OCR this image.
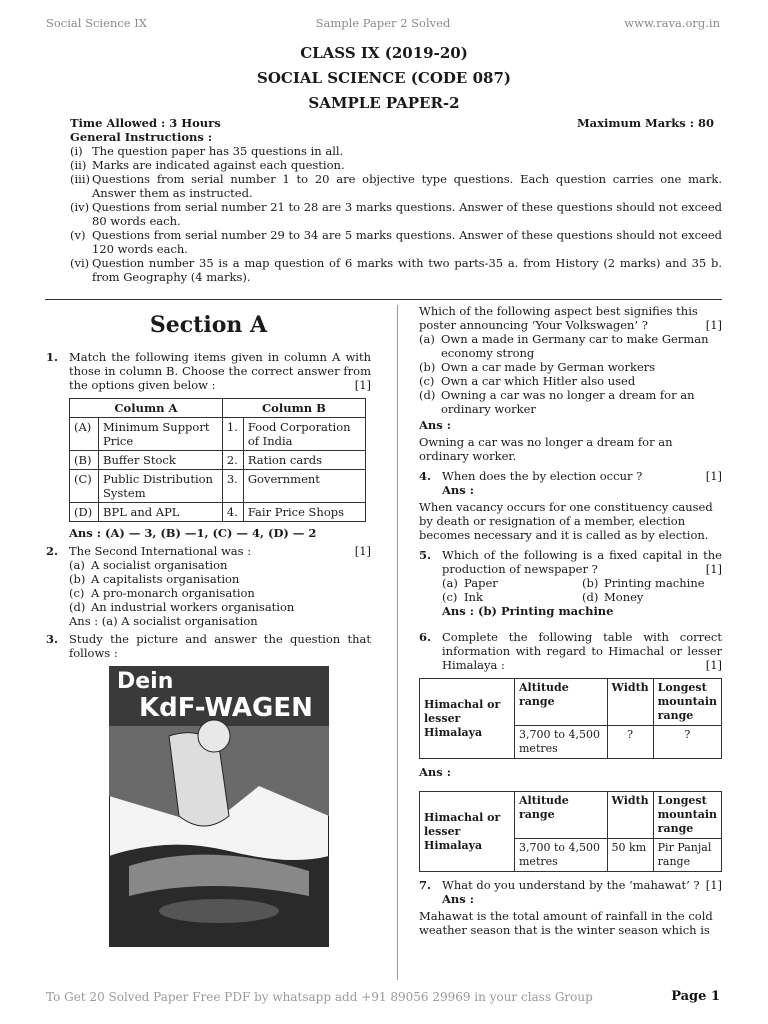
Social Science IX	Sample Paper 2 Solved	www.rava.org.in
CLASS IX (2019-20)
SOCIAL SCIENCE (CODE 087)
SAMPLE PAPER-2
Time Allowed : 3 Hours	Maximum Marks : 80
General Instructions :
(i) The question paper has 35 questions in all.
(ii) Marks are indicated against each question.
(iii) Questions from serial number 1 to 20 are objective type questions. Each question carries one mark. Answer them as instructed.
(iv) Questions from serial number 21 to 28 are 3 marks questions. Answer of these questions should not exceed 80 words each.
(v) Questions from serial number 29 to 34 are 5 marks questions. Answer of these questions should not exceed 120 words each.
(vi) Question number 35 is a map question of 6 marks with two parts-35 a. from History (2 marks) and 35 b. from Geography (4 marks).
Section A
1. Match the following items given in column A with those in column B. Choose the correct answer from the options given below :	[1]
Column A		Column B	
(A)	Minimum Support Price	1.	Food Corporation of India
(B)	Buffer Stock	2.	Ration cards
(C)	Public Distribution System	3.	Government
(D)	BPL and APL	4.	Fair Price Shops
Ans : (A) — 3, (B) —1, (C) — 4, (D) — 2
2. The Second International was :	[1]
(a) A socialist organisation
(b) A capitalists organisation
(c) A pro-monarch organisation
(d) An industrial workers organisation
Ans : (a) A socialist organisation
3. Study the picture and answer the question that follows :
Dein
KdF-WAGEN
Which of the following aspect best signifies this poster announcing ‘Your Volkswagen’ ?	[1]
(a) Own a made in Germany car to make German economy strong
(b) Own a car made by German workers
(c) Own a car which Hitler also used
(d) Owning a car was no longer a dream for an ordinary worker
Ans :
Owning a car was no longer a dream for an ordinary worker.
4. When does the by election occur ?	[1]
Ans :
When vacancy occurs for one constituency caused by death or resignation of a member, election becomes necessary and it is called as by election.
5. Which of the following is a fixed capital in the production of newspaper ?	[1]
(a) Paper	(b) Printing machine
(c) Ink	(d) Money
Ans : (b) Printing machine
6. Complete the following table with correct information with regard to Himachal or lesser Himalaya :	[1]
Himachal or lesser Himalaya	Altitude range	Width	Longest mountain range
	3,700 to 4,500 metres	?	?
Ans :
Himachal or lesser Himalaya	Altitude range	Width	Longest mountain range
	3,700 to 4,500 metres	50 km	Pir Panjal range
7. What do you understand by the ‘mahawat’ ? [1]
Ans :
Mahawat is the total amount of rainfall in the cold weather season that is the winter season which is
To Get 20 Solved Paper Free PDF by whatsapp add +91 89056 29969 in your class Group	Page 1
